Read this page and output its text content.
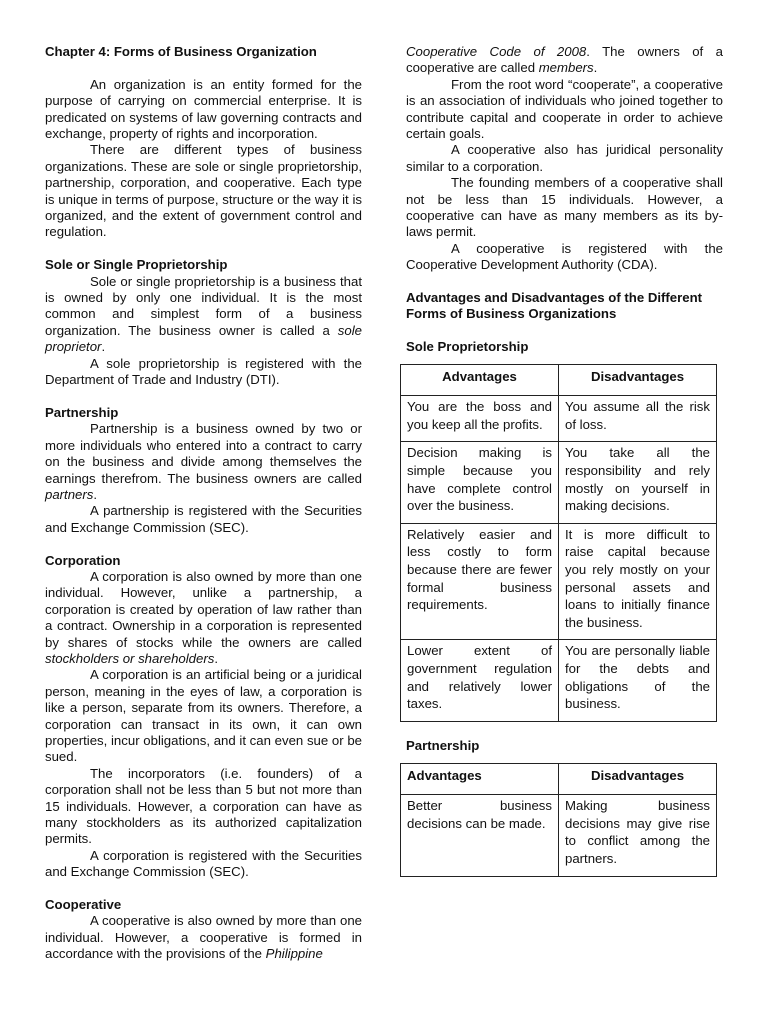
Chapter 4: Forms of Business Organization

An organization is an entity formed for the purpose of carrying on commercial enterprise. It is predicated on systems of law governing contracts and exchange, property of rights and incorporation.

There are different types of business organizations. These are sole or single proprietorship, partnership, corporation, and cooperative. Each type is unique in terms of purpose, structure or the way it is organized, and the extent of government control and regulation.

Sole or Single Proprietorship

Sole or single proprietorship is a business that is owned by only one individual. It is the most common and simplest form of a business organization. The business owner is called a sole proprietor.

A sole proprietorship is registered with the Department of Trade and Industry (DTI).

Partnership

Partnership is a business owned by two or more individuals who entered into a contract to carry on the business and divide among themselves the earnings therefrom. The business owners are called partners.

A partnership is registered with the Securities and Exchange Commission (SEC).

Corporation

A corporation is also owned by more than one individual. However, unlike a partnership, a corporation is created by operation of law rather than a contract. Ownership in a corporation is represented by shares of stocks while the owners are called stockholders or shareholders.

A corporation is an artificial being or a juridical person, meaning in the eyes of law, a corporation is like a person, separate from its owners. Therefore, a corporation can transact in its own, it can own properties, incur obligations, and it can even sue or be sued.

The incorporators (i.e. founders) of a corporation shall not be less than 5 but not more than 15 individuals. However, a corporation can have as many stockholders as its authorized capitalization permits.

A corporation is registered with the Securities and Exchange Commission (SEC).

Cooperative

A cooperative is also owned by more than one individual. However, a cooperative is formed in accordance with the provisions of the Philippine

Cooperative Code of 2008. The owners of a cooperative are called members.

From the root word “cooperate”, a cooperative is an association of individuals who joined together to contribute capital and cooperate in order to achieve certain goals.

A cooperative also has juridical personality similar to a corporation.

The founding members of a cooperative shall not be less than 15 individuals. However, a cooperative can have as many members as its by-laws permit.

A cooperative is registered with the Cooperative Development Authority (CDA).

Advantages and Disadvantages of the Different Forms of Business Organizations
Sole Proprietorship
Advantages	Disadvantages
You are the boss and you keep all the profits.	You assume all the risk of loss.
Decision making is simple because you have complete control over the business.	You take all the responsibility and rely mostly on yourself in making decisions.
Relatively easier and less costly to form because there are fewer formal business requirements.	It is more difficult to raise capital because you rely mostly on your personal assets and loans to initially finance the business.
Lower extent of government regulation and relatively lower taxes.	You are personally liable for the debts and obligations of the business.
Partnership
Advantages	Disadvantages
Better business decisions can be made.	Making business decisions may give rise to conflict among the partners.
